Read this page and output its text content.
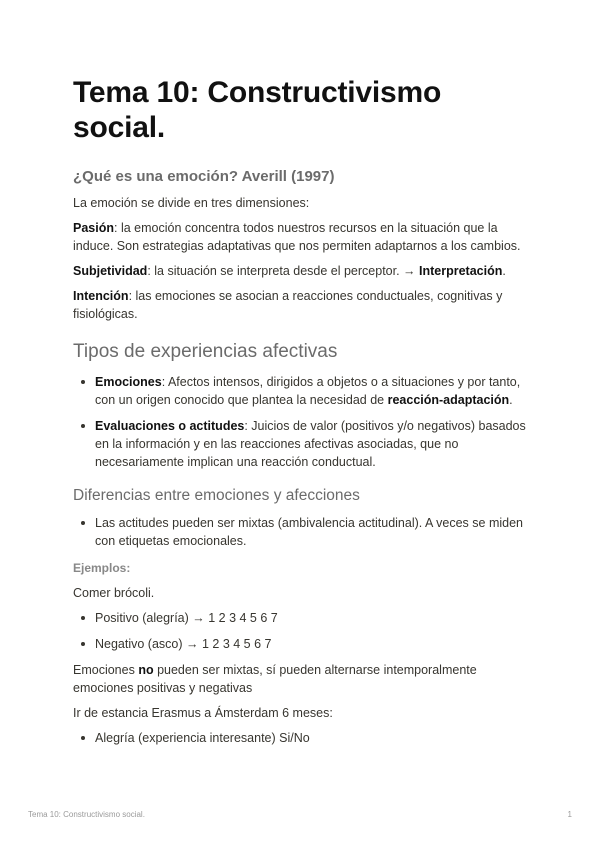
Tema 10: Constructivismo social.
¿Qué es una emoción? Averill (1997)

La emoción se divide en tres dimensiones:

Pasión: la emoción concentra todos nuestros recursos en la situación que la induce. Son estrategias adaptativas que nos permiten adaptarnos a los cambios.

Subjetividad: la situación se interpreta desde el perceptor. → Interpretación.

Intención: las emociones se asocian a reacciones conductuales, cognitivas y fisiológicas.

Tipos de experiencias afectivas
Emociones: Afectos intensos, dirigidos a objetos o a situaciones y por tanto, con un origen conocido que plantea la necesidad de reacción-adaptación.
Evaluaciones o actitudes: Juicios de valor (positivos y/o negativos) basados en la información y en las reacciones afectivas asociadas, que no necesariamente implican una reacción conductual.
Diferencias entre emociones y afecciones
Las actitudes pueden ser mixtas (ambivalencia actitudinal). A veces se miden con etiquetas emocionales.
Ejemplos:

Comer brócoli.

Positivo (alegría) → 1 2 3 4 5 6 7
Negativo (asco) → 1 2 3 4 5 6 7

Emociones no pueden ser mixtas, sí pueden alternarse intemporalmente emociones positivas y negativas

Ir de estancia Erasmus a Ámsterdam 6 meses:

Alegría (experiencia interesante) Si/No
Tema 10: Constructivismo social.	1
